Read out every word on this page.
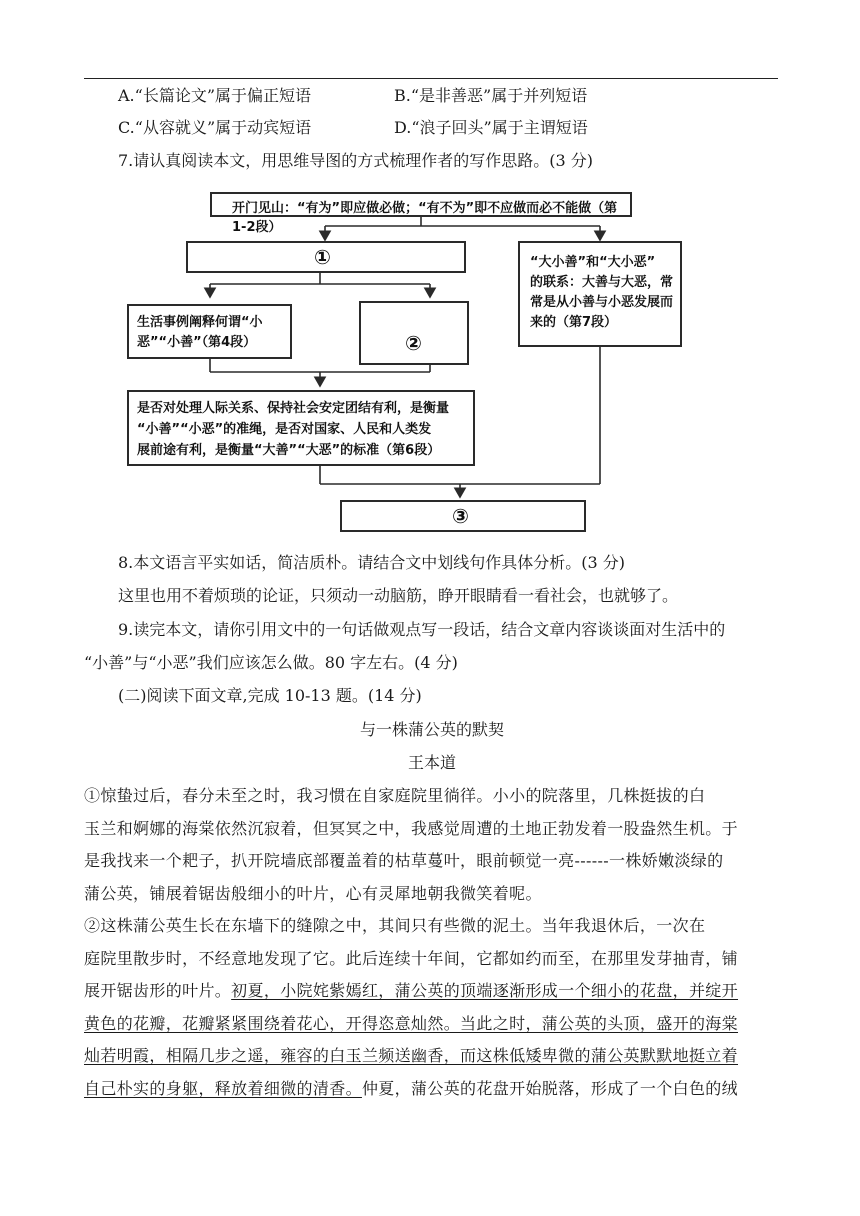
A.“长篇论文”属于偏正短语	B.“是非善恶”属于并列短语
C.“从容就义”属于动宾短语	D.“浪子回头”属于主谓短语
7.请认真阅读本文，用思维导图的方式梳理作者的写作思路。(3 分)
开门见山：“有为”即应做必做；“有不为”即不应做而必不能做（第1-2段）
①	“大小善”和“大小恶”
的联系：大善与大恶，常
常是从小善与小恶发展而
来的（第7段）
生活事例阐释何谓“小
恶”“小善”（第4段）	②
是否对处理人际关系、保持社会安定团结有利，是衡量
“小善”“小恶”的准绳，是否对国家、人民和人类发
展前途有利，是衡量“大善”“大恶”的标准（第6段）
③
8.本文语言平实如话，简洁质朴。请结合文中划线句作具体分析。(3 分)
这里也用不着烦琐的论证，只须动一动脑筋，睁开眼睛看一看社会，也就够了。
9.读完本文，请你引用文中的一句话做观点写一段话，结合文章内容谈谈面对生活中的
“小善”与“小恶”我们应该怎么做。80 字左右。(4 分)
(二)阅读下面文章,完成 10-13 题。(14 分)
与一株蒲公英的默契
王本道
①惊蛰过后，春分未至之时，我习惯在自家庭院里徜徉。小小的院落里，几株挺拔的白
玉兰和婀娜的海棠依然沉寂着，但冥冥之中，我感觉周遭的土地正勃发着一股盎然生机。于
是我找来一个耙子，扒开院墙底部覆盖着的枯草蔓叶，眼前顿觉一亮------一株娇嫩淡绿的
蒲公英，铺展着锯齿般细小的叶片，心有灵犀地朝我微笑着呢。
②这株蒲公英生长在东墙下的缝隙之中，其间只有些微的泥土。当年我退休后，一次在
庭院里散步时，不经意地发现了它。此后连续十年间，它都如约而至，在那里发芽抽青，铺
展开锯齿形的叶片。初夏，小院姹紫嫣红，蒲公英的顶端逐渐形成一个细小的花盘，并绽开
黄色的花瓣，花瓣紧紧围绕着花心，开得恣意灿然。当此之时，蒲公英的头顶，盛开的海棠
灿若明霞，相隔几步之遥，雍容的白玉兰频送幽香，而这株低矮卑微的蒲公英默默地挺立着
自己朴实的身躯，释放着细微的清香。仲夏，蒲公英的花盘开始脱落，形成了一个白色的绒
